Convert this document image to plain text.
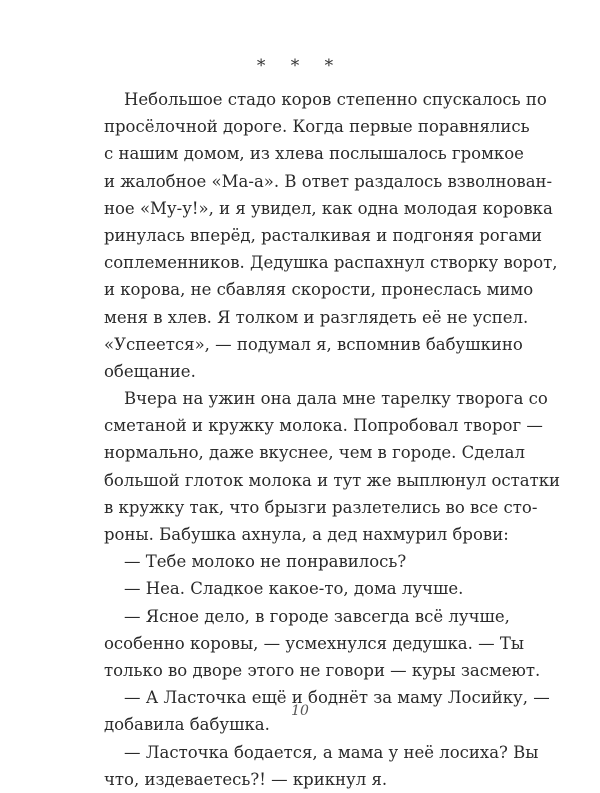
* * *
Небольшое стадо коров степенно спускалось по
просёлочной дороге. Когда первые поравнялись
с нашим домом, из хлева послышалось громкое
и жалобное «Ма-а». В ответ раздалось взволнован-
ное «Му-у!», и я увидел, как одна молодая коровка
ринулась вперёд, расталкивая и подгоняя рогами
соплеменников. Дедушка распахнул створку ворот,
и корова, не сбавляя скорости, пронеслась мимо
меня в хлев. Я толком и разглядеть её не успел.
«Успеется», — подумал я, вспомнив бабушкино
обещание.
Вчера на ужин она дала мне тарелку творога со
сметаной и кружку молока. Попробовал творог —
нормально, даже вкуснее, чем в городе. Сделал
большой глоток молока и тут же выплюнул остатки
в кружку так, что брызги разлетелись во все сто-
роны. Бабушка ахнула, а дед нахмурил брови:
— Тебе молоко не понравилось?
— Неа. Сладкое какое-то, дома лучше.
— Ясное дело, в городе завсегда всё лучше,
особенно коровы, — усмехнулся дедушка. — Ты
только во дворе этого не говори — куры засмеют.
— А Ласточка ещё и боднёт за маму Лосийку, —
добавила бабушка.
— Ласточка бодается, а мама у неё лосиха? Вы
что, издеваетесь?! — крикнул я.
10
